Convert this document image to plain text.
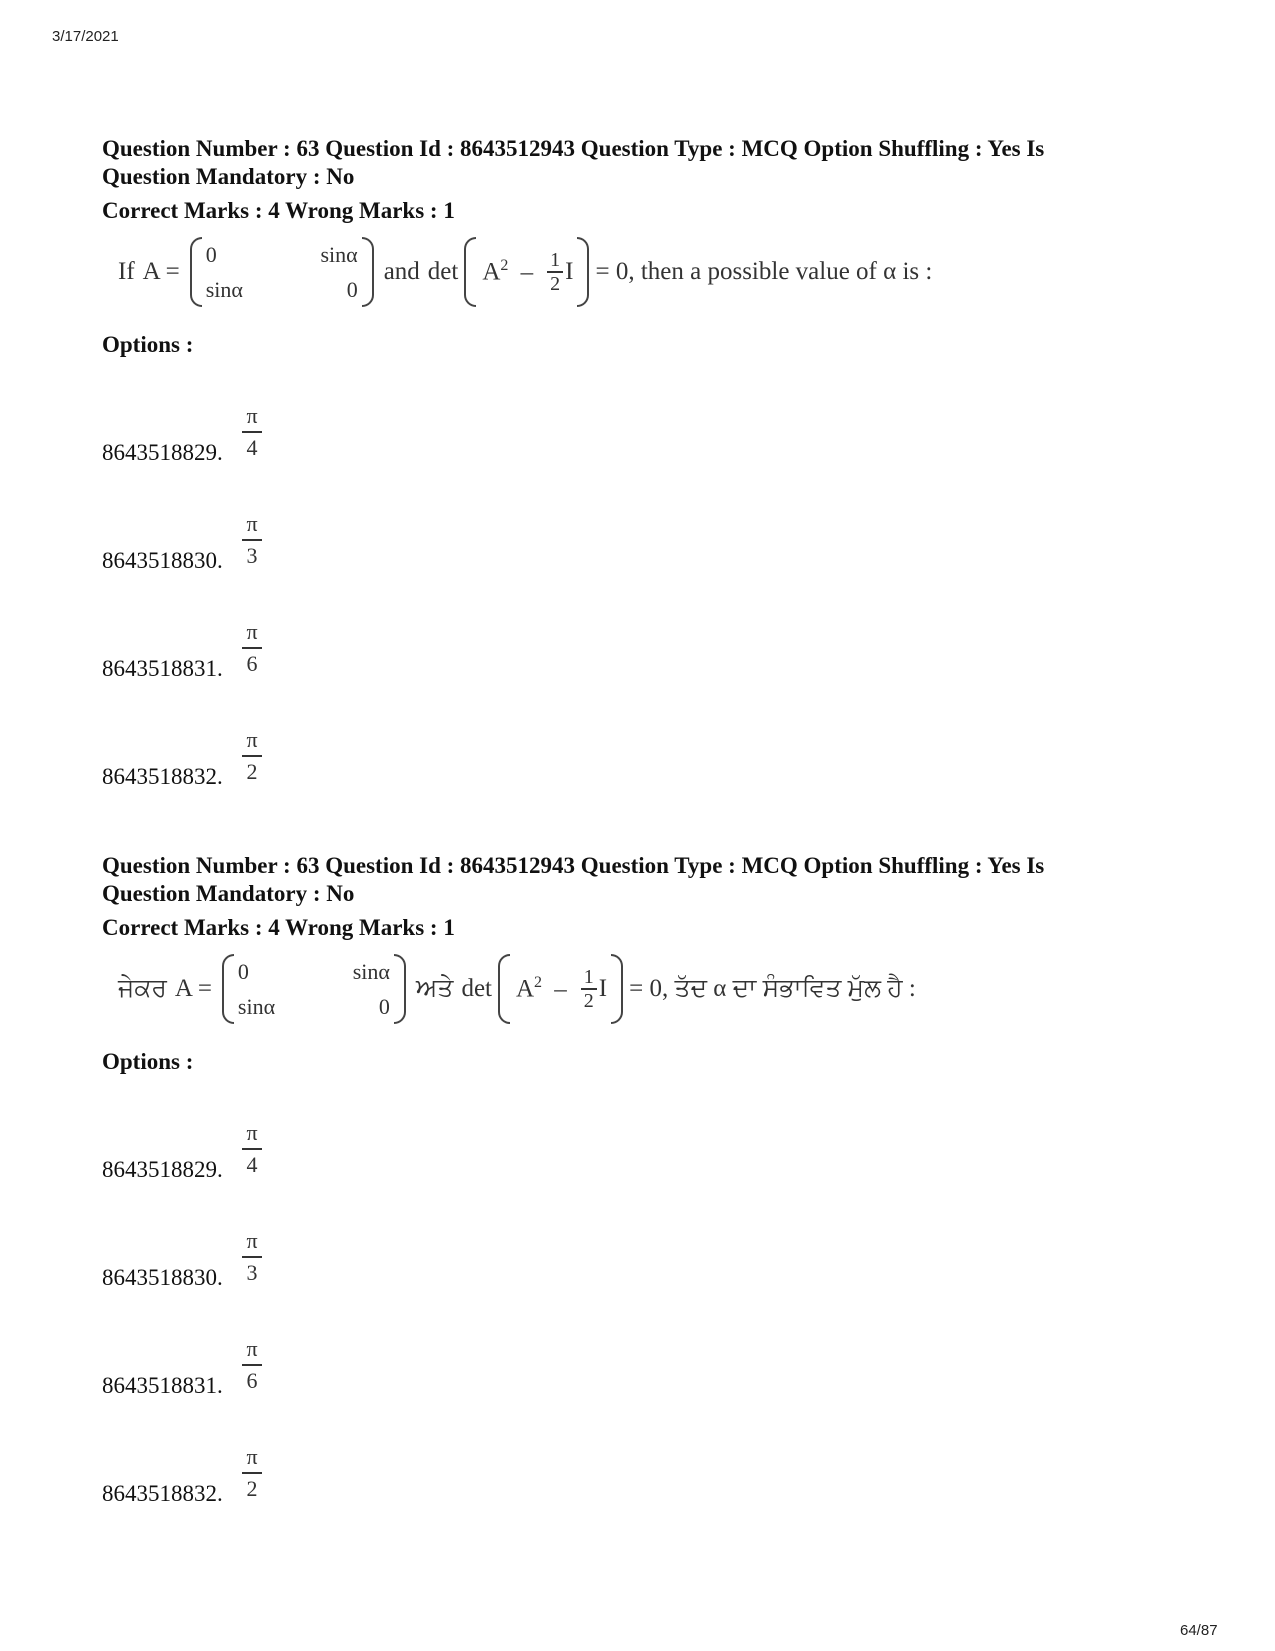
3/17/2021

Question Number : 63 Question Id : 8643512943 Question Type : MCQ Option Shuffling : Yes Is

Question Mandatory : No

Correct Marks : 4 Wrong Marks : 1

If A =
0	sinα
sinα	0
and $\det A^2 - \frac{1}{2}$ I = 0, then a possible value of α is :
Options :
8643518829.
π
4
8643518830.
π
3
8643518831.
π
6
8643518832.
π
2

Question Number : 63 Question Id : 8643512943 Question Type : MCQ Option Shuffling : Yes Is

Question Mandatory : No

Correct Marks : 4 Wrong Marks : 1

ਜੇਕਰ A =
0	sinα
sinα	0
ਅਤੇ $\det A^2 - \frac{1}{2}$ I = 0, ਤੱਦ α ਦਾ ਸੰਭਾਵਿਤ ਮੁੱਲ ਹੈ :
Options :
8643518829.
π
4
8643518830.
π
3
8643518831.
π
6
8643518832.
π
2
64/87
